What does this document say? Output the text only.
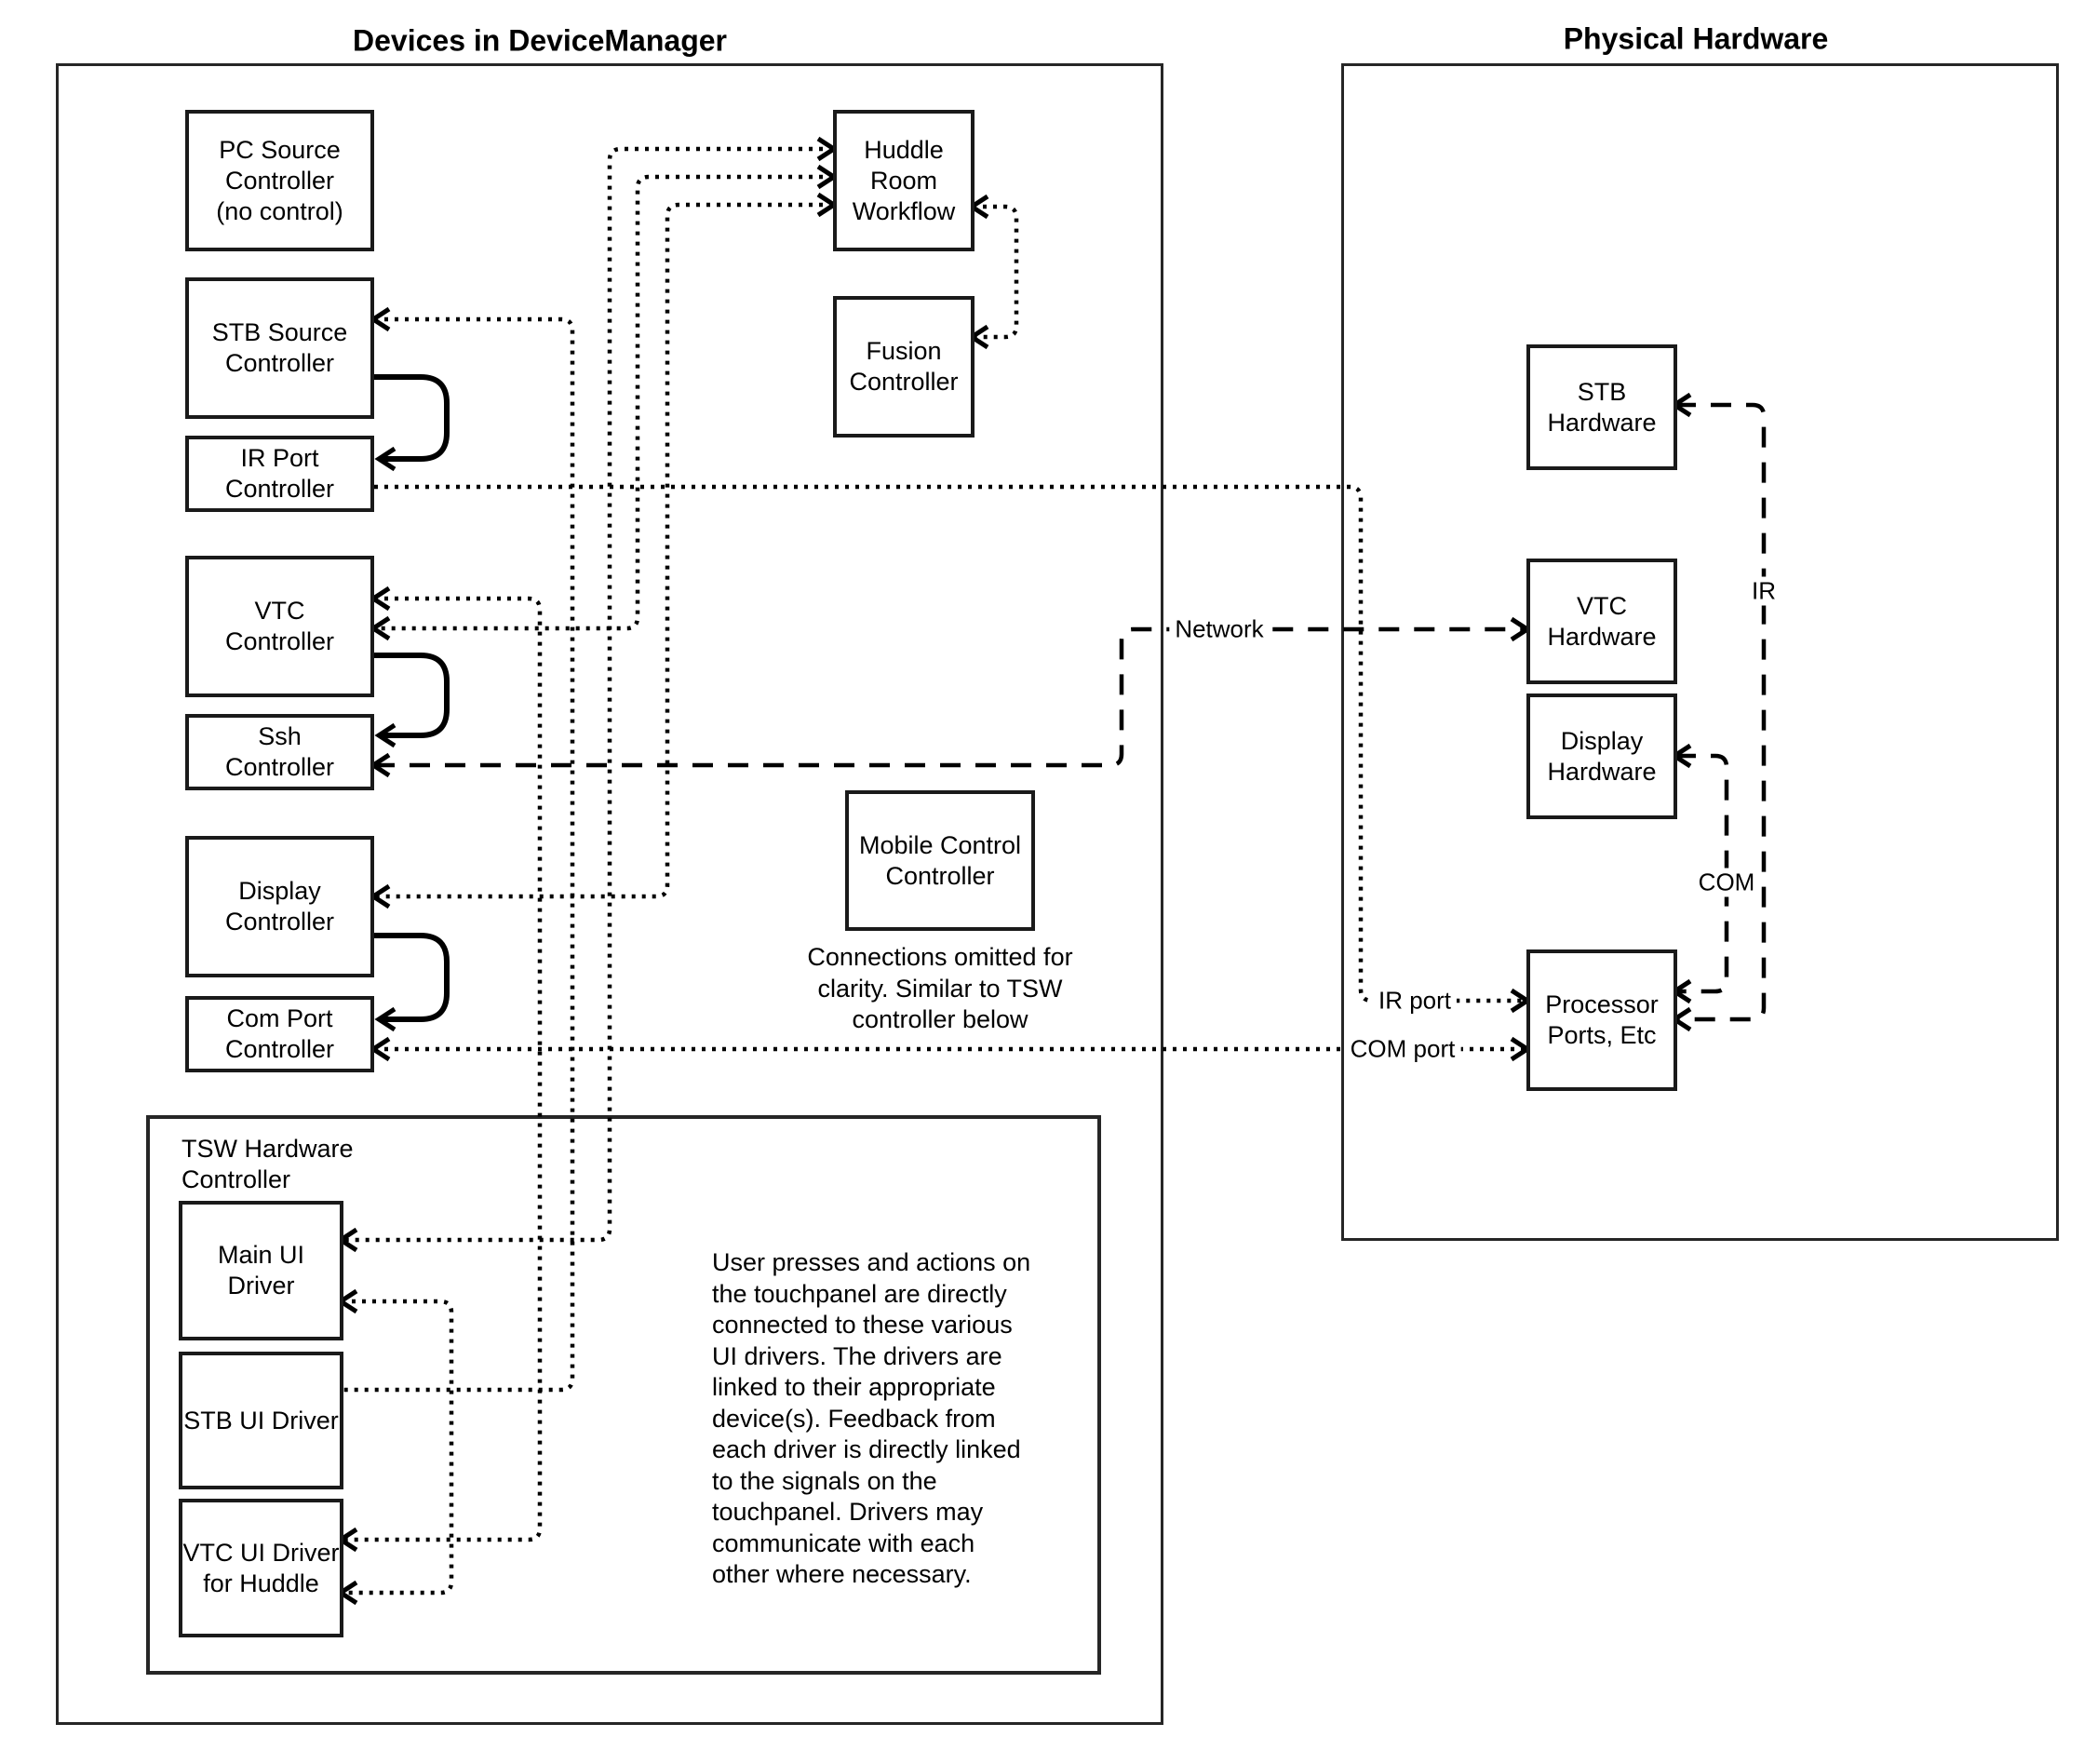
Devices in DeviceManager	Physical Hardware
TSW Hardware
Controller
PC Source
Controller
(no control)
STB Source
Controller
IR Port
Controller
VTC
Controller
Ssh
Controller
Display
Controller
Com Port
Controller
Huddle Room
Workflow
Fusion
Controller
Mobile Control
Controller
Connections omitted for
clarity. Similar to TSW
controller below
Main UI Driver
STB UI Driver
VTC UI Driver
for Huddle
User presses and actions on
the touchpanel are directly
connected to these various
UI drivers. The drivers are
linked to their appropriate
device(s). Feedback from
each driver is directly linked
to the signals on the
touchpanel. Drivers may
communicate with each
other where necessary.
STB
Hardware
VTC
Hardware
Display
Hardware
Processor
Ports, Etc
Network
IR
COM
IR port
COM port
